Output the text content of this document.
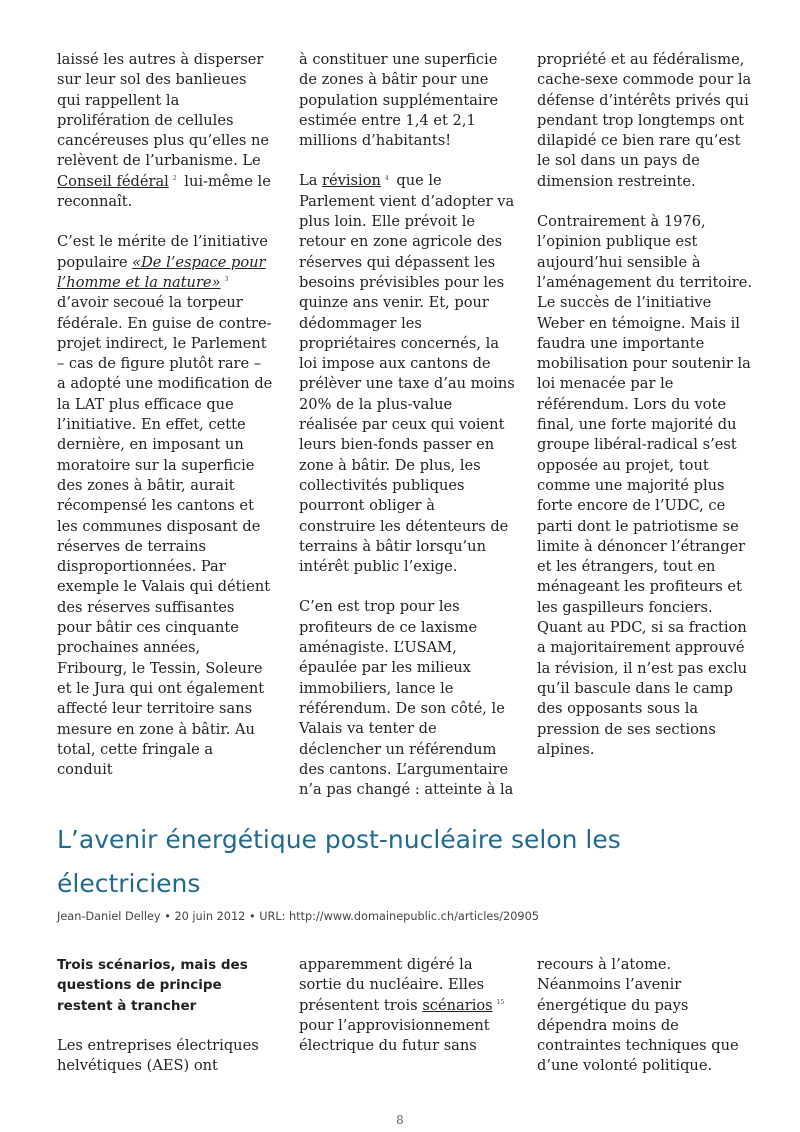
laissé les autres à disperser sur leur sol des banlieues qui rappellent la prolifération de cellules cancéreuses plus qu’elles ne relèvent de l’urbanisme. Le Conseil fédéral $^2$ lui-même le reconnaît.

C’est le mérite de l’initiative populaire «De l’espace pour l’homme et la nature» $^3$ d’avoir secoué la torpeur fédérale. En guise de contre-projet indirect, le Parlement – cas de figure plutôt rare – a adopté une modification de la LAT plus efficace que l’initiative. En effet, cette dernière, en imposant un moratoire sur la superficie des zones à bâtir, aurait récompensé les cantons et les communes disposant de réserves de terrains disproportionnées. Par exemple le Valais qui détient des réserves suffisantes pour bâtir ces cinquante prochaines années, Fribourg, le Tessin, Soleure et le Jura qui ont également affecté leur territoire sans mesure en zone à bâtir. Au total, cette fringale a conduit

à constituer une superficie de zones à bâtir pour une population supplémentaire estimée entre 1,4 et 2,1 millions d’habitants!

La révision $^4$ que le Parlement vient d’adopter va plus loin. Elle prévoit le retour en zone agricole des réserves qui dépassent les besoins prévisibles pour les quinze ans venir. Et, pour dédommager les propriétaires concernés, la loi impose aux cantons de prélèver une taxe d’au moins 20% de la plus-value réalisée par ceux qui voient leurs bien-fonds passer en zone à bâtir. De plus, les collectivités publiques pourront obliger à construire les détenteurs de terrains à bâtir lorsqu’un intérêt public l’exige.

C’en est trop pour les profiteurs de ce laxisme aménagiste. L’USAM, épaulée par les milieux immobiliers, lance le référendum. De son côté, le Valais va tenter de déclencher un référendum des cantons. L’argumentaire n’a pas changé : atteinte à la

propriété et au fédéralisme, cache-sexe commode pour la défense d’intérêts privés qui pendant trop longtemps ont dilapidé ce bien rare qu’est le sol dans un pays de dimension restreinte.

Contrairement à 1976, l’opinion publique est aujourd’hui sensible à l’aménagement du territoire. Le succès de l’initiative Weber en témoigne. Mais il faudra une importante mobilisation pour soutenir la loi menacée par le référendum. Lors du vote final, une forte majorité du groupe libéral-radical s’est opposée au projet, tout comme une majorité plus forte encore de l’UDC, ce parti dont le patriotisme se limite à dénoncer l’étranger et les étrangers, tout en ménageant les profiteurs et les gaspilleurs fonciers. Quant au PDC, si sa fraction a majoritairement approuvé la révision, il n’est pas exclu qu’il bascule dans le camp des opposants sous la pression de ses sections alpines.

L’avenir énergétique post-nucléaire selon les électriciens
Jean-Daniel Delley • 20 juin 2012 • URL: http://www.domainepublic.ch/articles/20905
Trois scénarios, mais des questions de principe restent à trancher

Les entreprises électriques helvétiques (AES) ont

apparemment digéré la sortie du nucléaire. Elles présentent trois scénarios $^{15}$ pour l’approvisionnement électrique du futur sans

recours à l’atome. Néanmoins l’avenir énergétique du pays dépendra moins de contraintes techniques que d’une volonté politique.

8
